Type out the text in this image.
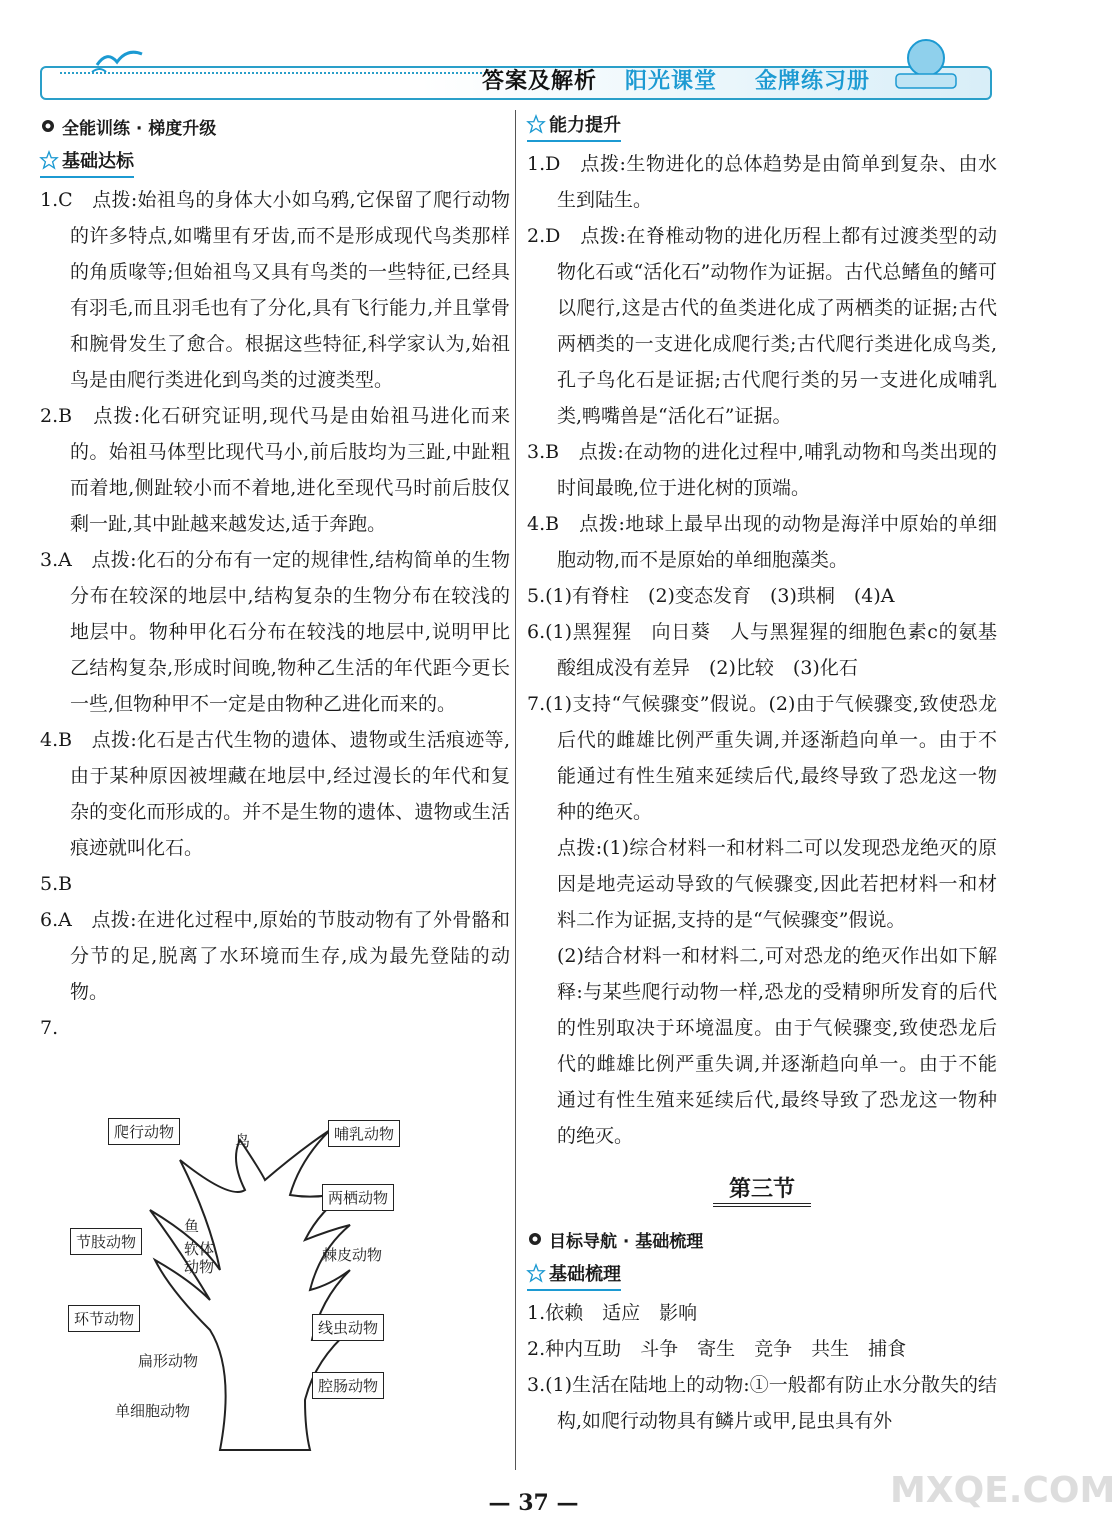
答案及解析 阳光课堂 金牌练习册
全能训练 · 梯度升级
基础达标

1.C　点拨:始祖鸟的身体大小如乌鸦,它保留了爬行动物的许多特点,如嘴里有牙齿,而不是形成现代鸟类那样的角质喙等;但始祖鸟又具有鸟类的一些特征,已经具有羽毛,而且羽毛也有了分化,具有飞行能力,并且掌骨和腕骨发生了愈合。根据这些特征,科学家认为,始祖鸟是由爬行类进化到鸟类的过渡类型。

2.B　点拨:化石研究证明,现代马是由始祖马进化而来的。始祖马体型比现代马小,前后肢均为三趾,中趾粗而着地,侧趾较小而不着地,进化至现代马时前后肢仅剩一趾,其中趾越来越发达,适于奔跑。

3.A　点拨:化石的分布有一定的规律性,结构简单的生物分布在较深的地层中,结构复杂的生物分布在较浅的地层中。物种甲化石分布在较浅的地层中,说明甲比乙结构复杂,形成时间晚,物种乙生活的年代距今更长一些,但物种甲不一定是由物种乙进化而来的。

4.B　点拨:化石是古代生物的遗体、遗物或生活痕迹等,由于某种原因被埋藏在地层中,经过漫长的年代和复杂的变化而形成的。并不是生物的遗体、遗物或生活痕迹就叫化石。

5.B

6.A　点拨:在进化过程中,原始的节肢动物有了外骨骼和分节的足,脱离了水环境而生存,成为最先登陆的动物。

7.

爬行动物	鸟	哺乳动物
两栖动物
鱼
节肢动物	软体动物
棘皮动物
环节动物	线虫动物
扁形动物
腔肠动物
单细胞动物
能力提升

1.D　点拨:生物进化的总体趋势是由简单到复杂、由水生到陆生。

2.D　点拨:在脊椎动物的进化历程上都有过渡类型的动物化石或“活化石”动物作为证据。古代总鳍鱼的鳍可以爬行,这是古代的鱼类进化成了两栖类的证据;古代两栖类的一支进化成爬行类;古代爬行类进化成鸟类,孔子鸟化石是证据;古代爬行类的另一支进化成哺乳类,鸭嘴兽是“活化石”证据。

3.B　点拨:在动物的进化过程中,哺乳动物和鸟类出现的时间最晚,位于进化树的顶端。

4.B　点拨:地球上最早出现的动物是海洋中原始的单细胞动物,而不是原始的单细胞藻类。

5.(1)有脊柱　(2)变态发育　(3)珙桐　(4)A

6.(1)黑猩猩　向日葵　人与黑猩猩的细胞色素c的氨基酸组成没有差异　(2)比较　(3)化石

7.(1)支持“气候骤变”假说。(2)由于气候骤变,致使恐龙后代的雌雄比例严重失调,并逐渐趋向单一。由于不能通过有性生殖来延续后代,最终导致了恐龙这一物种的绝灭。

点拨:(1)综合材料一和材料二可以发现恐龙绝灭的原因是地壳运动导致的气候骤变,因此若把材料一和材料二作为证据,支持的是“气候骤变”假说。

(2)结合材料一和材料二,可对恐龙的绝灭作出如下解释:与某些爬行动物一样,恐龙的受精卵所发育的后代的性别取决于环境温度。由于气候骤变,致使恐龙后代的雌雄比例严重失调,并逐渐趋向单一。由于不能通过有性生殖来延续后代,最终导致了恐龙这一物种的绝灭。

第三节
目标导航 · 基础梳理
基础梳理

1.依赖　适应　影响

2.种内互助　斗争　寄生　竞争　共生　捕食

3.(1)生活在陆地上的动物:①一般都有防止水分散失的结构,如爬行动物具有鳞片或甲,昆虫具有外

— 37 —	MXQE.COM
